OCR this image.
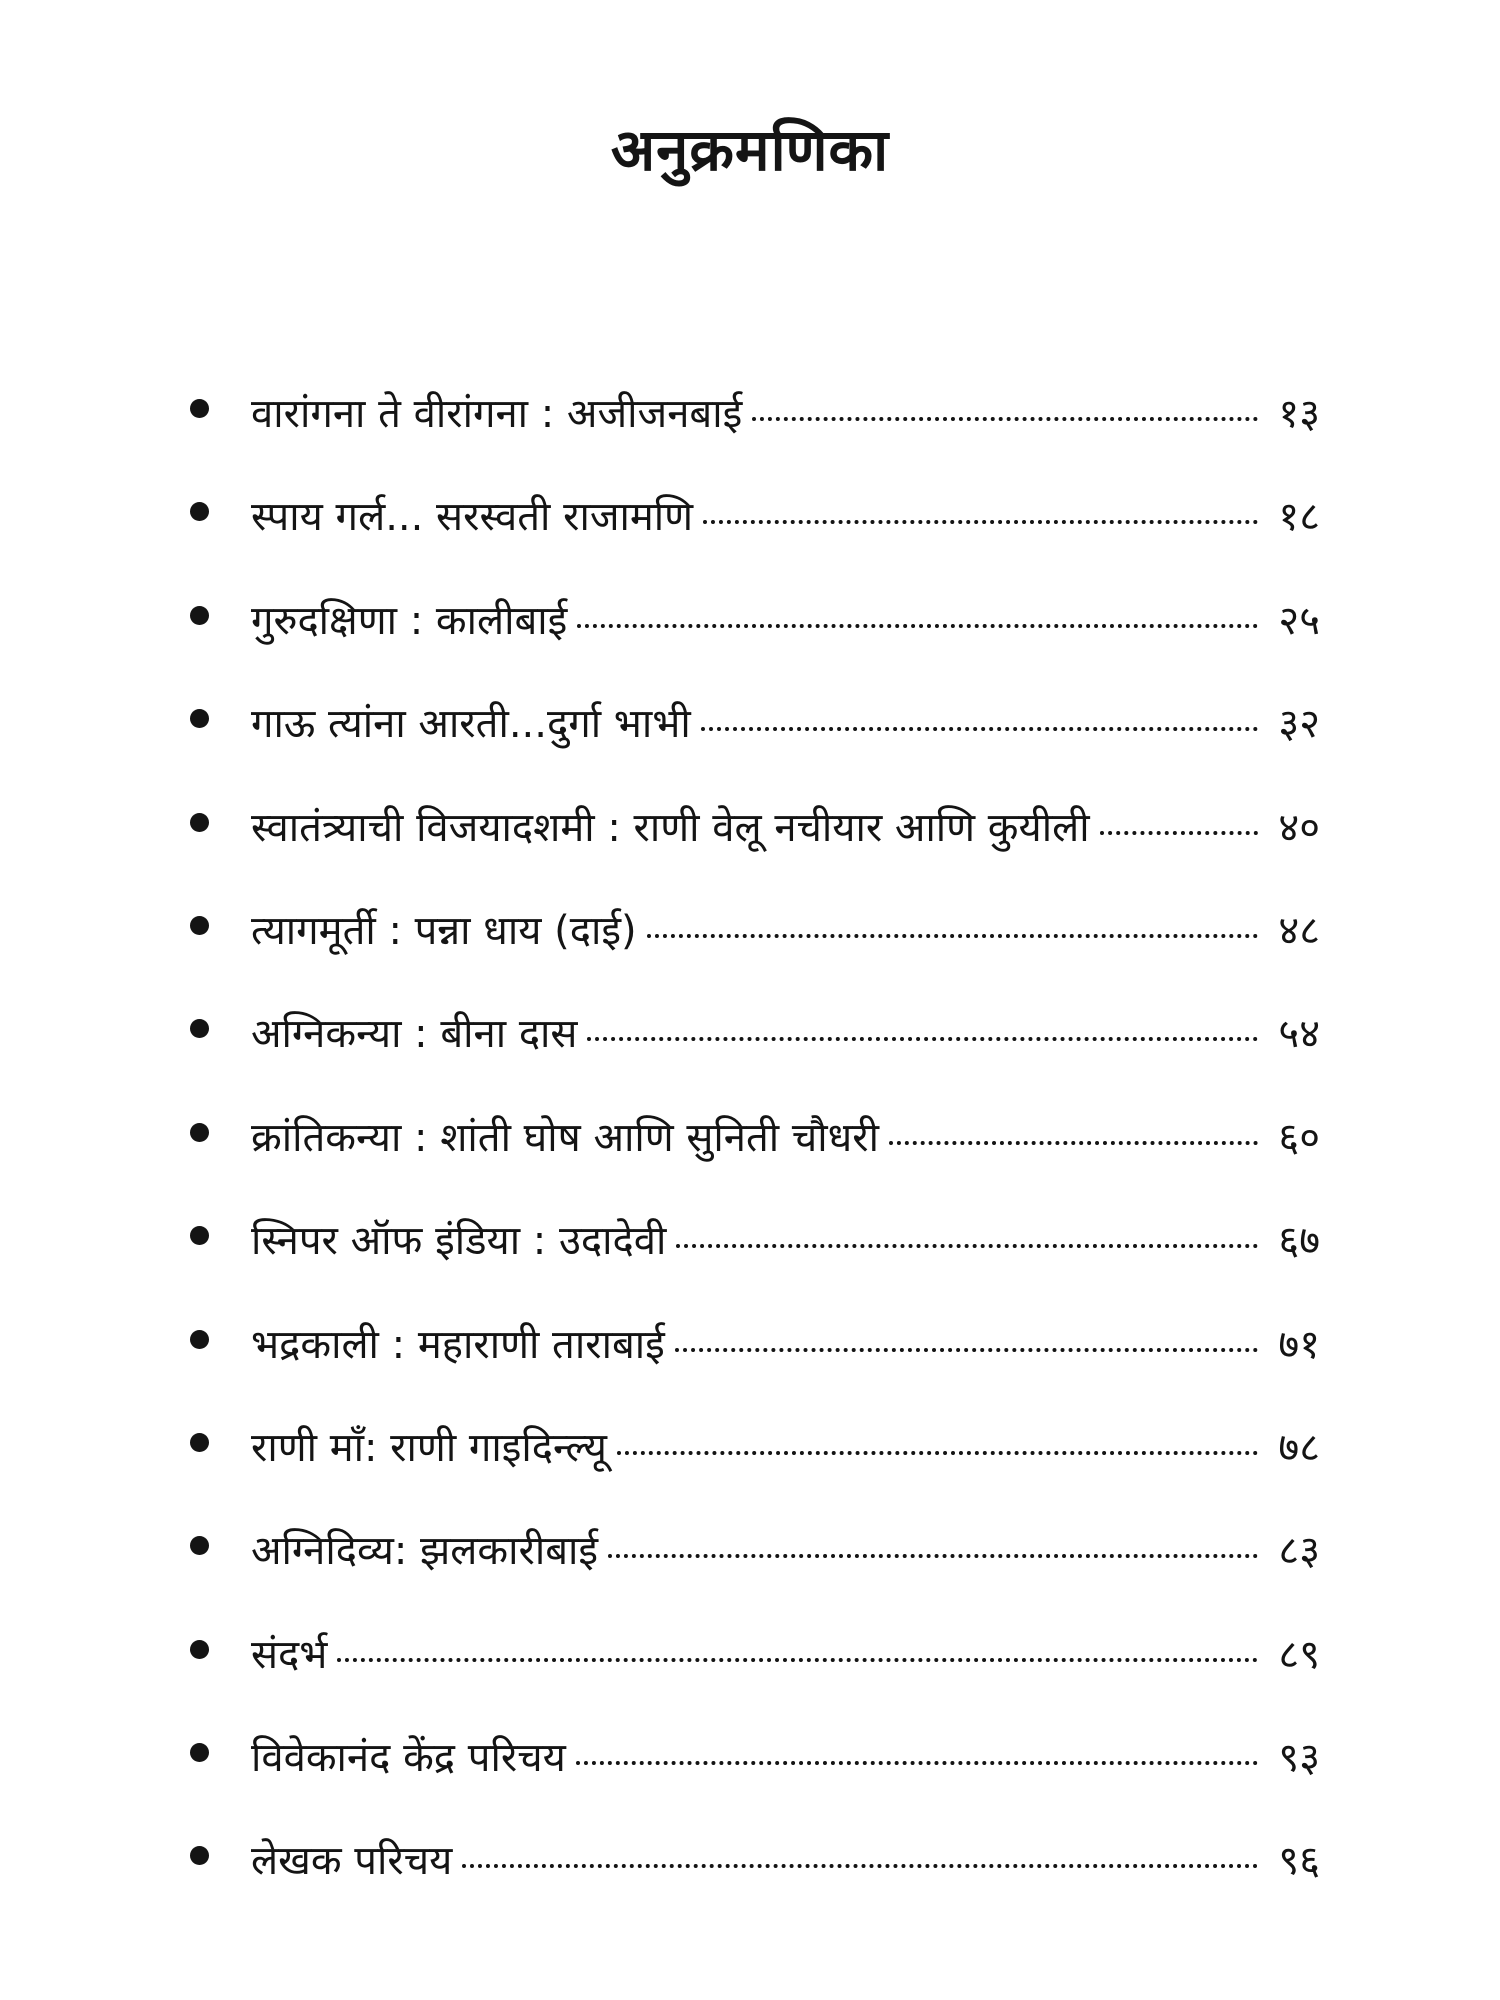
अनुक्रमणिका
वारांगना ते वीरांगना : अजीजनबाई	१३
स्पाय गर्ल... सरस्वती राजामणि	१८
गुरुदक्षिणा : कालीबाई	२५
गाऊ त्यांना आरती...दुर्गा भाभी	३२
स्वातंत्र्याची विजयादशमी : राणी वेलू नचीयार आणि कुयीली	४०
त्यागमूर्ती : पन्ना धाय (दाई)	४८
अग्निकन्या : बीना दास	५४
क्रांतिकन्या : शांती घोष आणि सुनिती चौधरी	६०
स्निपर ऑफ इंडिया : उदादेवी	६७
भद्रकाली : महाराणी ताराबाई	७१
राणी माँ: राणी गाइदिन्ल्यू	७८
अग्निदिव्य: झलकारीबाई	८३
संदर्भ	८९
विवेकानंद केंद्र परिचय	९३
लेखक परिचय	९६
